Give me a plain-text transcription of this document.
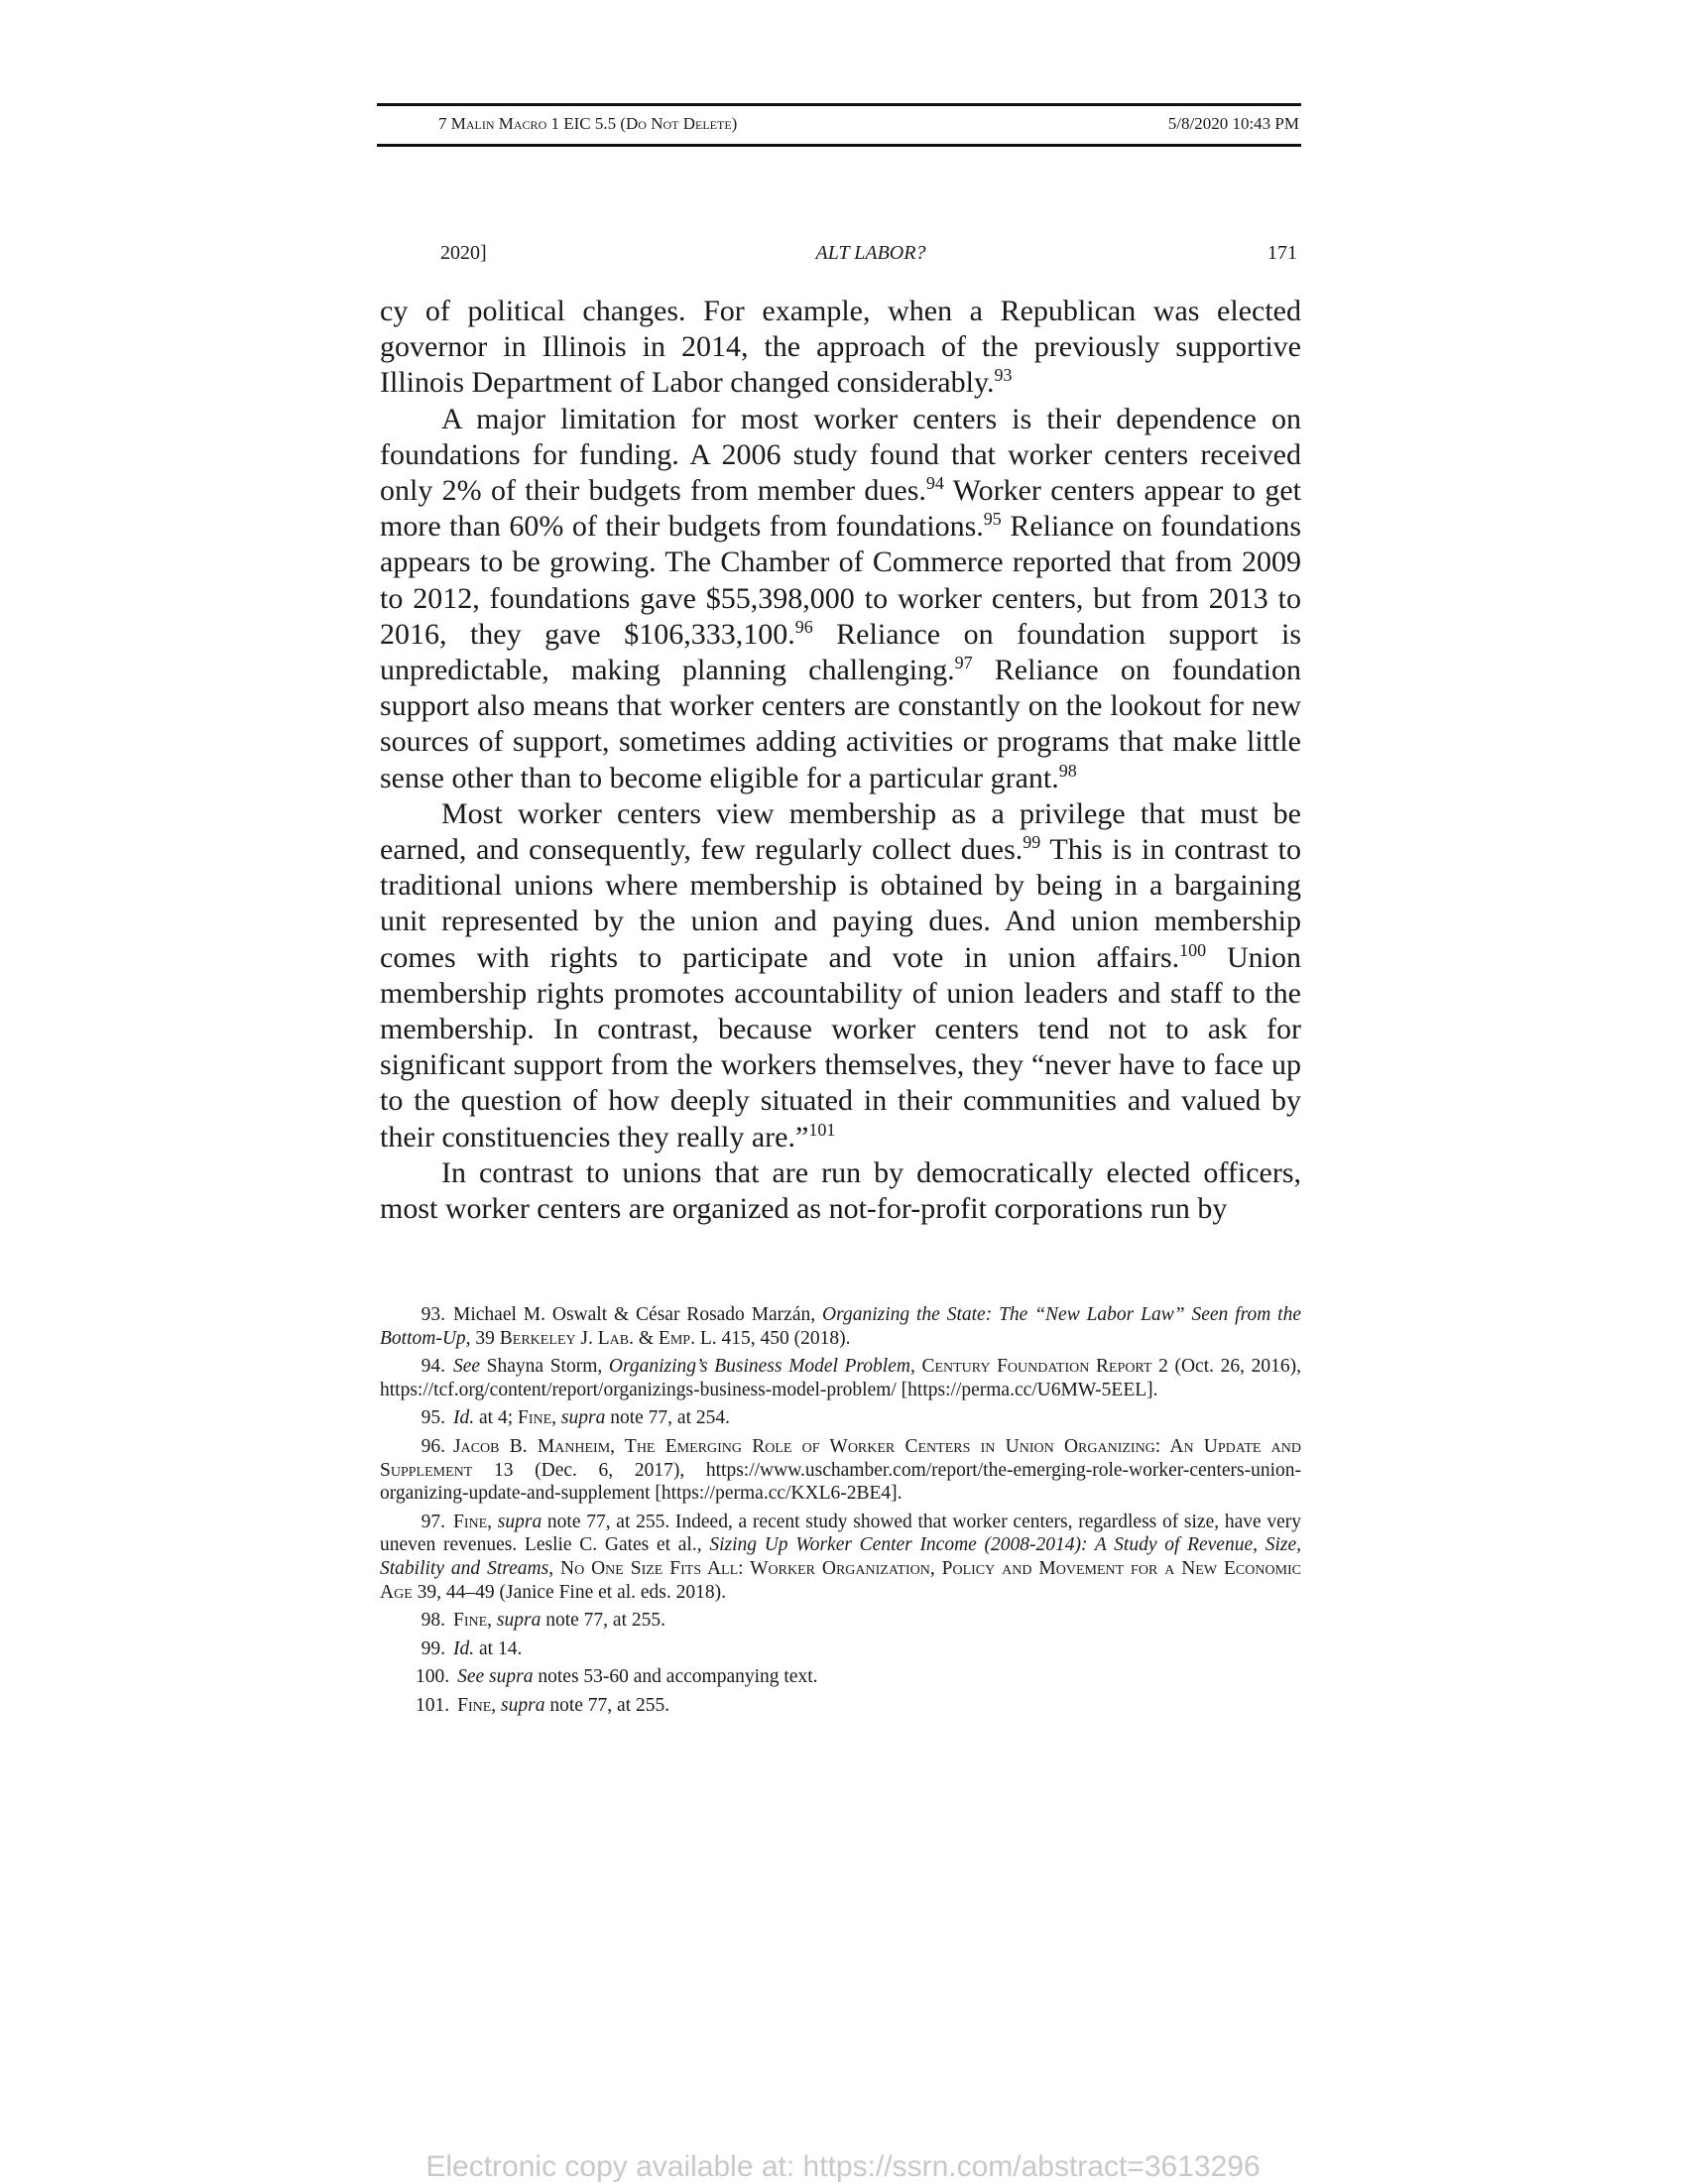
7 Malin Macro 1 EIC 5.5 (Do Not Delete)	5/8/2020 10:43 PM
2020]	ALT LABOR?	171

cy of political changes. For example, when a Republican was elected governor in Illinois in 2014, the approach of the previously supportive Illinois Department of Labor changed considerably.$^{93}$

A major limitation for most worker centers is their dependence on foundations for funding. A 2006 study found that worker centers received only 2% of their budgets from member dues.$^{94}$ Worker centers appear to get more than 60% of their budgets from foundations.$^{95}$ Reliance on foundations appears to be growing. The Chamber of Commerce reported that from 2009 to 2012, foundations gave $55,398,000 to worker centers, but from 2013 to 2016, they gave $106,333,100.96 Reliance on foundation support is unpredictable, making planning challenging.$^{97}$ Reliance on foundation support also means that worker centers are constantly on the lookout for new sources of support, sometimes adding activities or programs that make little sense other than to become eligible for a particular grant.$^{98}$

Most worker centers view membership as a privilege that must be earned, and consequently, few regularly collect dues.$^{99}$ This is in contrast to traditional unions where membership is obtained by being in a bargaining unit represented by the union and paying dues. And union membership comes with rights to participate and vote in union affairs.$^{100}$ Union membership rights promotes accountability of union leaders and staff to the membership. In contrast, because worker centers tend not to ask for significant support from the workers themselves, they “never have to face up to the question of how deeply situated in their communities and valued by their constituencies they really are.”$^{101}$

In contrast to unions that are run by democratically elected officers, most worker centers are organized as not-for-profit corporations run by

93. Michael M. Oswalt & César Rosado Marzán, Organizing the State: The “New Labor Law” Seen from the Bottom-Up, 39 Berkeley J. Lab. & Emp. L. 415, 450 (2018).

94. See Shayna Storm, Organizing’s Business Model Problem, Century Foundation Report 2 (Oct. 26, 2016), https://tcf.org/content/report/organizings-business-model-problem/ [https://perma.cc/U6MW-5EEL].

95. Id. at 4; Fine, supra note 77, at 254.

96. Jacob B. Manheim, The Emerging Role of Worker Centers in Union Organizing: An Update and Supplement 13 (Dec. 6, 2017), https://www.uschamber.com/report/the-emerging-role-worker-centers-union-organizing-update-and-supplement [https://perma.cc/KXL6-2BE4].

97. Fine, supra note 77, at 255. Indeed, a recent study showed that worker centers, regardless of size, have very uneven revenues. Leslie C. Gates et al., Sizing Up Worker Center Income (2008-2014): A Study of Revenue, Size, Stability and Streams, No One Size Fits All: Worker Organization, Policy and Movement for a New Economic Age 39, 44–49 (Janice Fine et al. eds. 2018).

98. Fine, supra note 77, at 255.

99. Id. at 14.

100. See supra notes 53-60 and accompanying text.

101. Fine, supra note 77, at 255.

Electronic copy available at: https://ssrn.com/abstract=3613296
